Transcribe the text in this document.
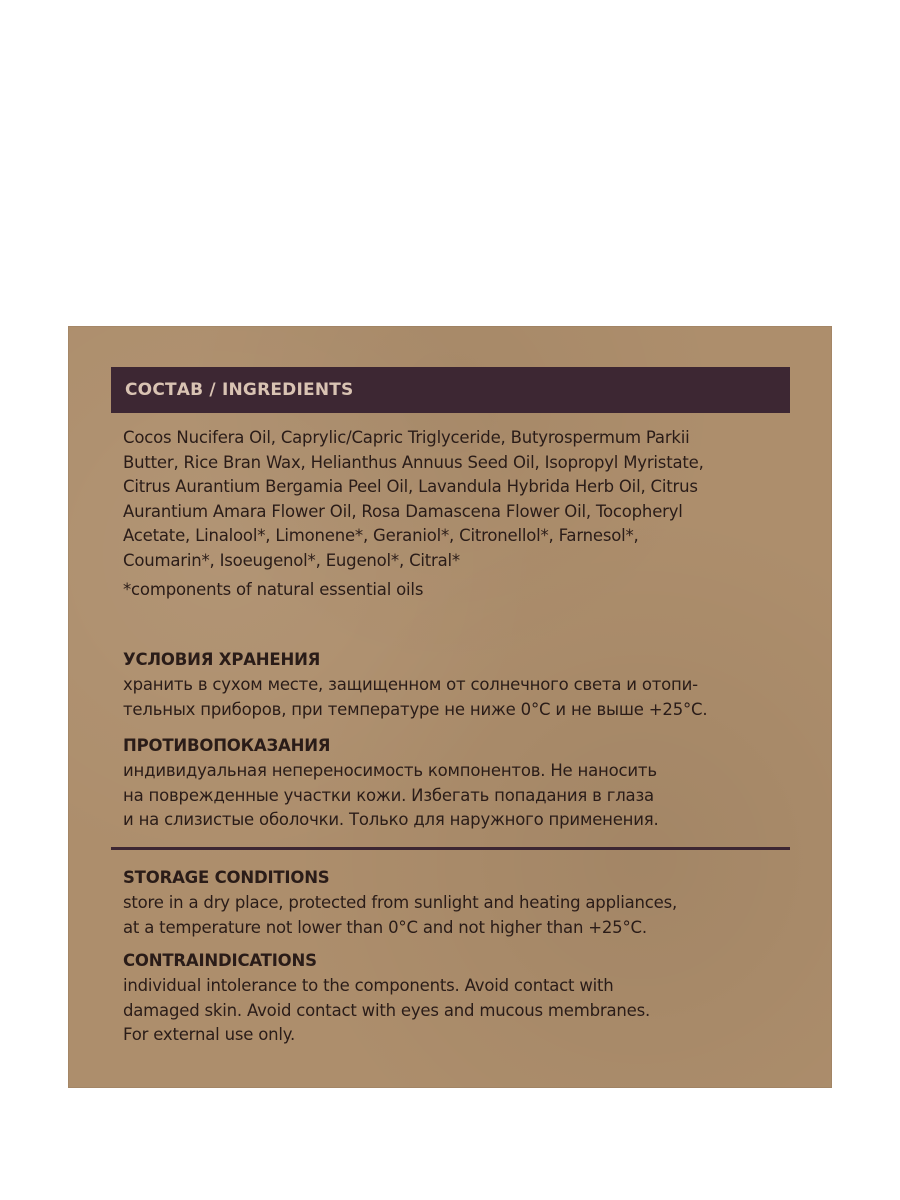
СОСТАВ / INGREDIENTS
Cocos Nucifera Oil, Caprylic/Capric Triglyceride, Butyrospermum Parkii
Butter, Rice Bran Wax, Helianthus Annuus Seed Oil, Isopropyl Myristate,
Citrus Aurantium Bergamia Peel Oil, Lavandula Hybrida Herb Oil, Citrus
Aurantium Amara Flower Oil, Rosa Damascena Flower Oil, Tocopheryl
Acetate, Linalool*, Limonene*, Geraniol*, Citronellol*, Farnesol*,
Coumarin*, Isoeugenol*, Eugenol*, Citral*
*components of natural essential oils
УСЛОВИЯ ХРАНЕНИЯ
хранить в сухом месте, защищенном от солнечного света и отопи-
тельных приборов, при температуре не ниже 0°С и не выше +25°С.
ПРОТИВОПОКАЗАНИЯ
индивидуальная непереносимость компонентов. Не наносить
на поврежденные участки кожи. Избегать попадания в глаза
и на слизистые оболочки. Только для наружного применения.
STORAGE CONDITIONS
store in a dry place, protected from sunlight and heating appliances,
at a temperature not lower than 0°C and not higher than +25°C.
CONTRAINDICATIONS
individual intolerance to the components. Avoid contact with
damaged skin. Avoid contact with eyes and mucous membranes.
For external use only.
